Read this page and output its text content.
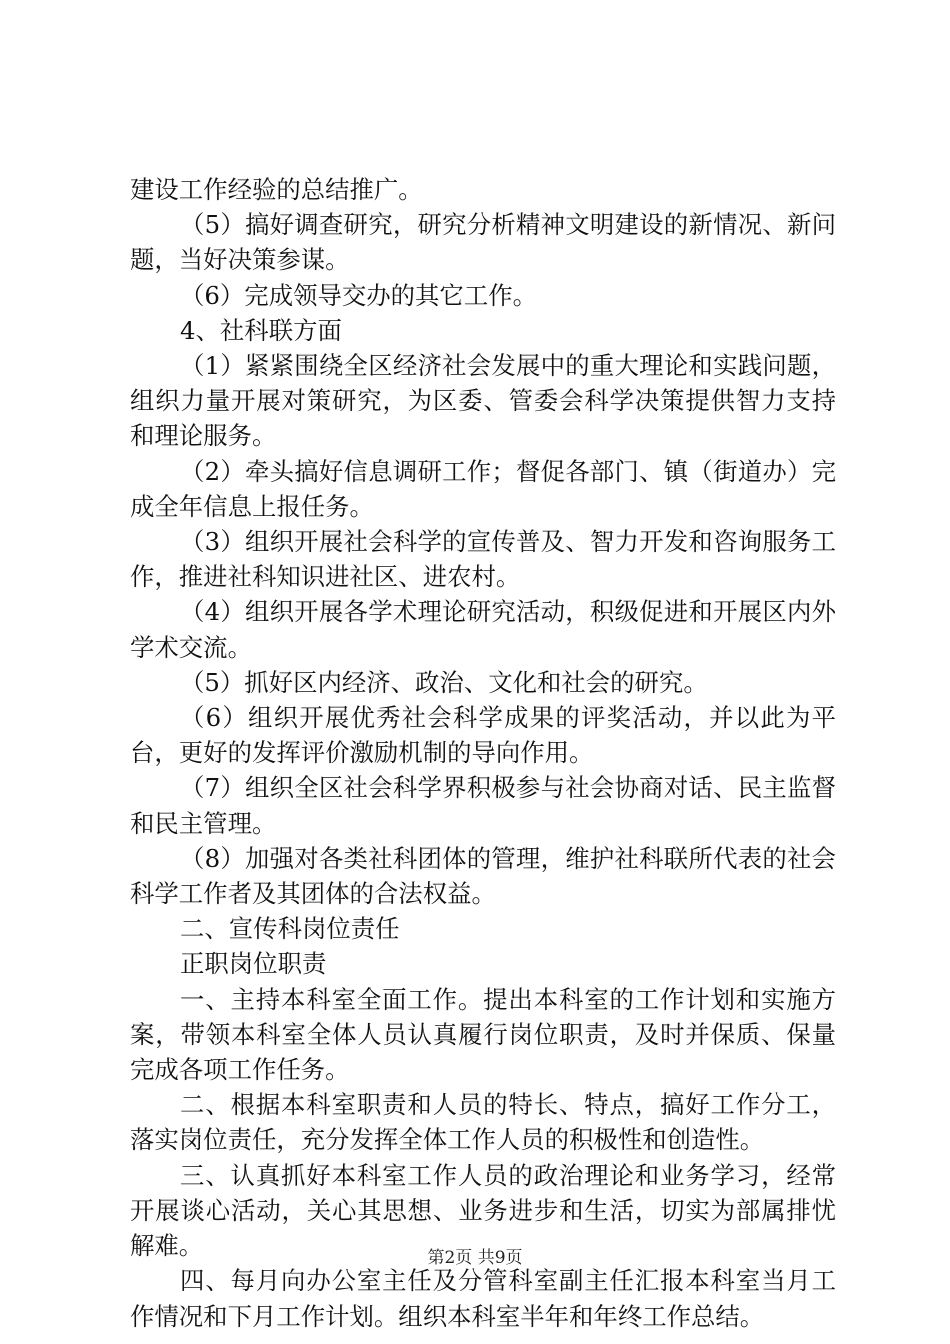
建设工作经验的总结推广。

（5）搞好调查研究，研究分析精神文明建设的新情况、新问题，当好决策参谋。

（6）完成领导交办的其它工作。

4、社科联方面

（1）紧紧围绕全区经济社会发展中的重大理论和实践问题，组织力量开展对策研究，为区委、管委会科学决策提供智力支持和理论服务。

（2）牵头搞好信息调研工作；督促各部门、镇（街道办）完成全年信息上报任务。

（3）组织开展社会科学的宣传普及、智力开发和咨询服务工作，推进社科知识进社区、进农村。

（4）组织开展各学术理论研究活动，积级促进和开展区内外学术交流。

（5）抓好区内经济、政治、文化和社会的研究。

（6）组织开展优秀社会科学成果的评奖活动，并以此为平台，更好的发挥评价激励机制的导向作用。

（7）组织全区社会科学界积极参与社会协商对话、民主监督和民主管理。

（8）加强对各类社科团体的管理，维护社科联所代表的社会科学工作者及其团体的合法权益。

二、宣传科岗位责任

正职岗位职责

一、主持本科室全面工作。提出本科室的工作计划和实施方案，带领本科室全体人员认真履行岗位职责，及时并保质、保量完成各项工作任务。

二、根据本科室职责和人员的特长、特点，搞好工作分工，落实岗位责任，充分发挥全体工作人员的积极性和创造性。

三、认真抓好本科室工作人员的政治理论和业务学习，经常开展谈心活动，关心其思想、业务进步和生活，切实为部属排忧解难。

四、每月向办公室主任及分管科室副主任汇报本科室当月工作情况和下月工作计划。组织本科室半年和年终工作总结。

第2页 共9页
